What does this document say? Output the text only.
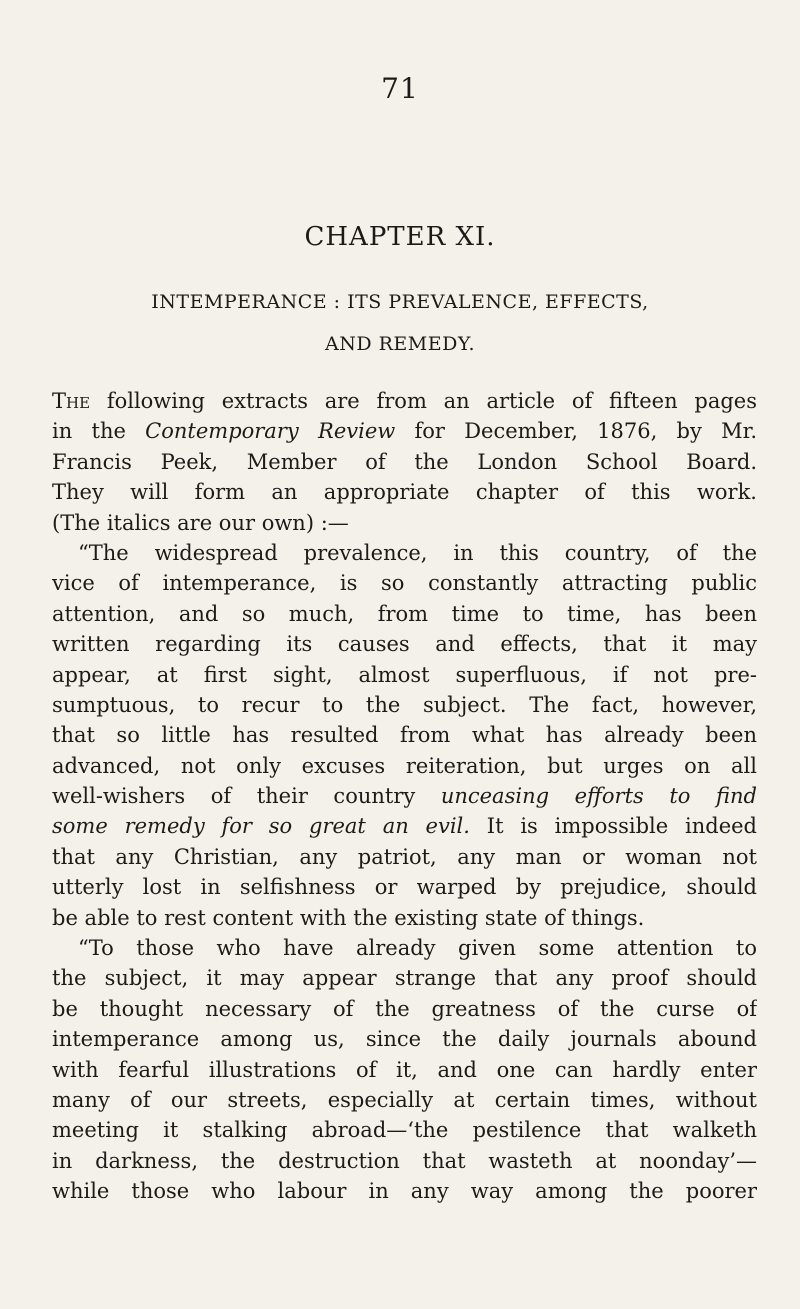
71
CHAPTER XI.
INTEMPERANCE : ITS PREVALENCE, EFFECTS,
AND REMEDY.
The following extracts are from an article of fifteen pages
in the Contemporary Review for December, 1876, by Mr.
Francis Peek, Member of the London School Board.
They will form an appropriate chapter of this work.
(The italics are our own) :—
“The widespread prevalence, in this country, of the
vice of intemperance, is so constantly attracting public
attention, and so much, from time to time, has been
written regarding its causes and effects, that it may
appear, at first sight, almost superfluous, if not pre-
sumptuous, to recur to the subject. The fact, however,
that so little has resulted from what has already been
advanced, not only excuses reiteration, but urges on all
well-wishers of their country unceasing efforts to find
some remedy for so great an evil. It is impossible indeed
that any Christian, any patriot, any man or woman not
utterly lost in selfishness or warped by prejudice, should
be able to rest content with the existing state of things.
“To those who have already given some attention to
the subject, it may appear strange that any proof should
be thought necessary of the greatness of the curse of
intemperance among us, since the daily journals abound
with fearful illustrations of it, and one can hardly enter
many of our streets, especially at certain times, without
meeting it stalking abroad—‘the pestilence that walketh
in darkness, the destruction that wasteth at noonday’—
while those who labour in any way among the poorer
